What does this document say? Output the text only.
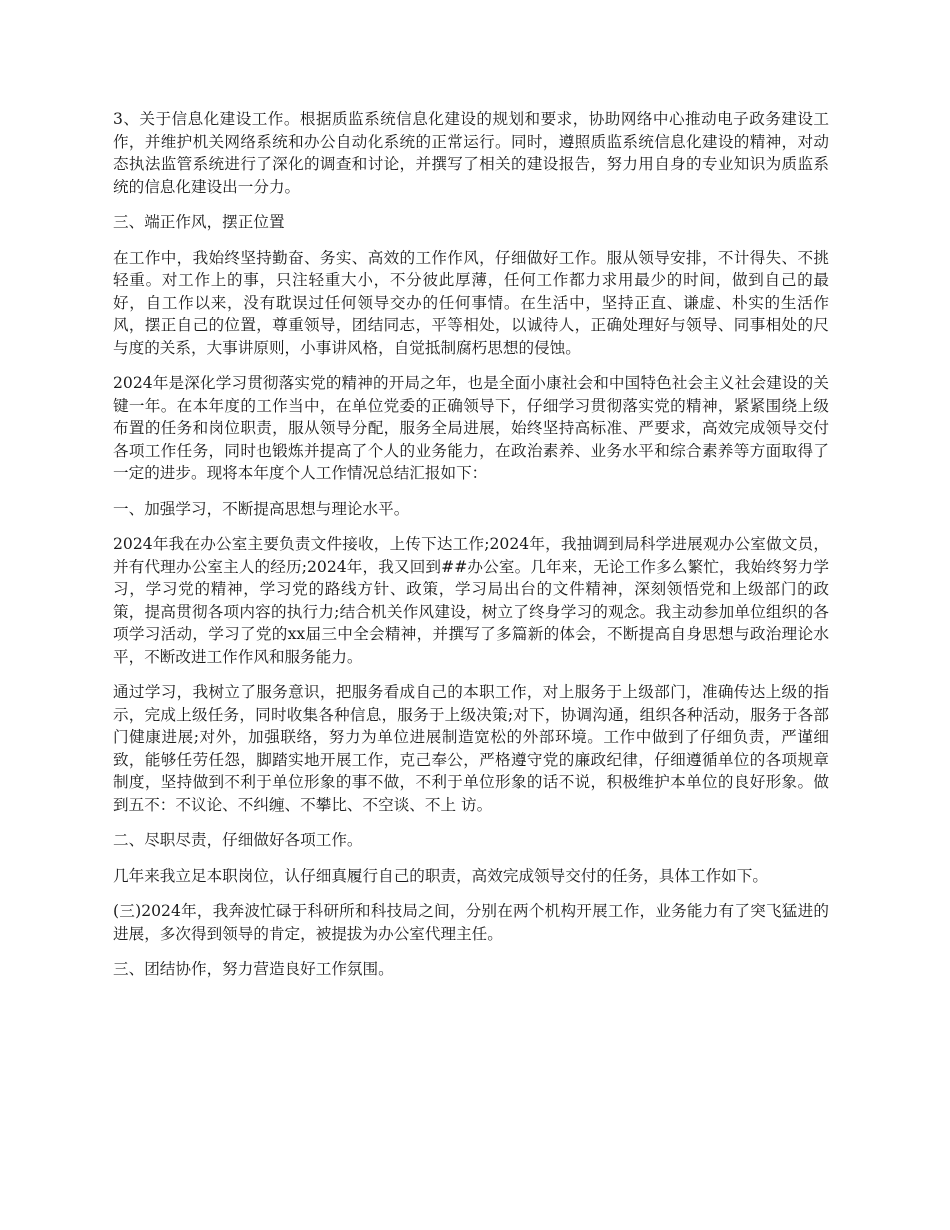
3、关于信息化建设工作。根据质监系统信息化建设的规划和要求，协助网络中心推动电子政务建设工作，并维护机关网络系统和办公自动化系统的正常运行。同时，遵照质监系统信息化建设的精神，对动态执法监管系统进行了深化的调查和讨论，并撰写了相关的建设报告，努力用自身的专业知识为质监系统的信息化建设出一分力。

三、端正作风，摆正位置

在工作中，我始终坚持勤奋、务实、高效的工作作风，仔细做好工作。服从领导安排，不计得失、不挑轻重。对工作上的事，只注轻重大小，不分彼此厚薄，任何工作都力求用最少的时间，做到自己的最好，自工作以来，没有耽误过任何领导交办的任何事情。在生活中，坚持正直、谦虚、朴实的生活作风，摆正自己的位置，尊重领导，团结同志，平等相处，以诚待人，正确处理好与领导、同事相处的尺与度的关系，大事讲原则，小事讲风格，自觉抵制腐朽思想的侵蚀。

2024年是深化学习贯彻落实党的精神的开局之年，也是全面小康社会和中国特色社会主义社会建设的关键一年。在本年度的工作当中，在单位党委的正确领导下，仔细学习贯彻落实党的精神，紧紧围绕上级布置的任务和岗位职责，服从领导分配，服务全局进展，始终坚持高标准、严要求，高效完成领导交付各项工作任务，同时也锻炼并提高了个人的业务能力，在政治素养、业务水平和综合素养等方面取得了一定的进步。现将本年度个人工作情况总结汇报如下：

一、加强学习，不断提高思想与理论水平。

2024年我在办公室主要负责文件接收，上传下达工作;2024年，我抽调到局科学进展观办公室做文员，并有代理办公室主人的经历;2024年，我又回到##办公室。几年来，无论工作多么繁忙，我始终努力学习，学习党的精神，学习党的路线方针、政策，学习局出台的文件精神，深刻领悟党和上级部门的政策，提高贯彻各项内容的执行力;结合机关作风建设，树立了终身学习的观念。我主动参加单位组织的各项学习活动，学习了党的xx届三中全会精神，并撰写了多篇新的体会，不断提高自身思想与政治理论水平，不断改进工作作风和服务能力。

通过学习，我树立了服务意识，把服务看成自己的本职工作，对上服务于上级部门，准确传达上级的指示，完成上级任务，同时收集各种信息，服务于上级决策;对下，协调沟通，组织各种活动，服务于各部门健康进展;对外，加强联络，努力为单位进展制造宽松的外部环境。工作中做到了仔细负责，严谨细致，能够任劳任怨，脚踏实地开展工作，克己奉公，严格遵守党的廉政纪律，仔细遵循单位的各项规章制度，坚持做到不利于单位形象的事不做，不利于单位形象的话不说，积极维护本单位的良好形象。做到五不：不议论、不纠缠、不攀比、不空谈、不上 访。

二、尽职尽责，仔细做好各项工作。

几年来我立足本职岗位，认仔细真履行自己的职责，高效完成领导交付的任务，具体工作如下。

(三)2024年，我奔波忙碌于科研所和科技局之间，分别在两个机构开展工作，业务能力有了突飞猛进的进展，多次得到领导的肯定，被提拔为办公室代理主任。

三、团结协作，努力营造良好工作氛围。
